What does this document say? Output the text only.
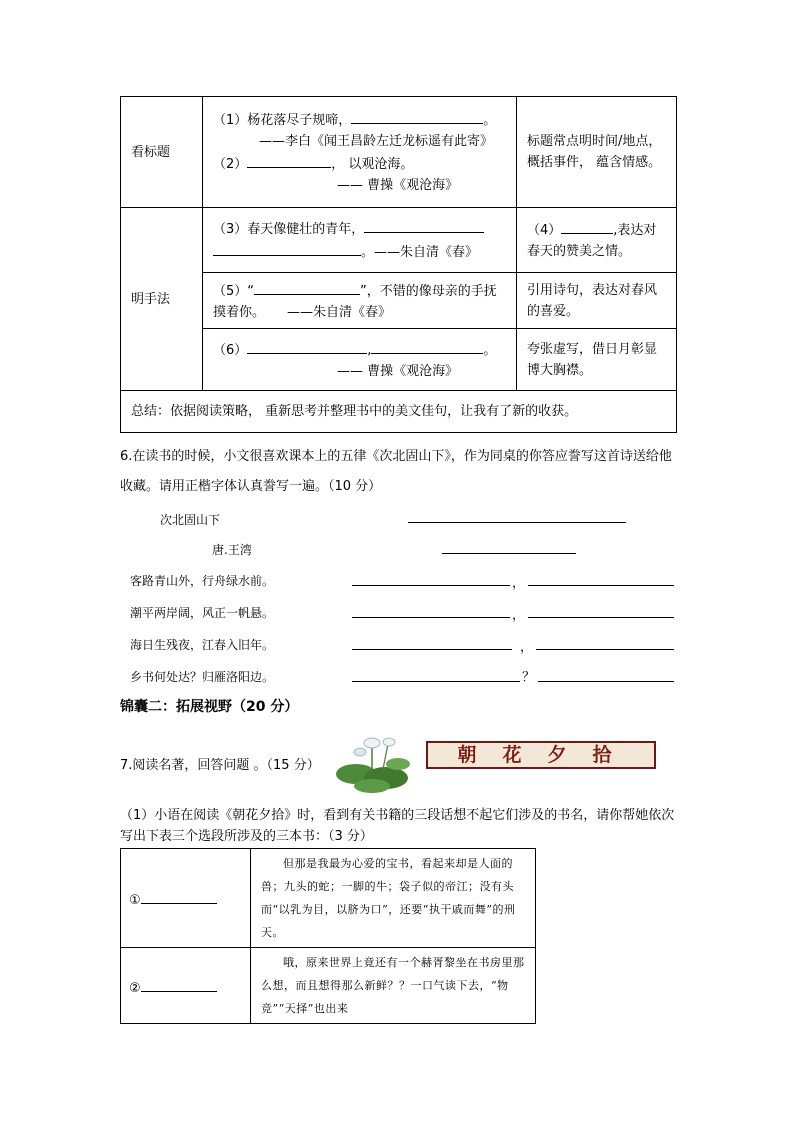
看标题	（1）杨花落尽子规啼， 。
——李白《闻王昌龄左迁龙标遥有此寄》
（2） ， 以观沧海。
—— 曹操《观沧海》	标题常点明时间/地点，概括事件， 蕴含情感。
明手法	（3）春天像健壮的青年，
。——朱自清《春》	（4） ,表达对春天的赞美之情。

	（5）“ ”，不错的像母亲的手抚摸着你。 ——朱自清《春》	引用诗句，表达对春风的喜爱。

	（6） , 。
—— 曹操《观沧海》	夸张虚写，借日月彰显博大胸襟。
总结：依据阅读策略， 重新思考并整理书中的美文佳句，让我有了新的收获。		
6.在读书的时候，小文很喜欢课本上的五律《次北固山下》，作为同桌的你答应誊写这首诗送给他收藏。请用正楷字体认真誊写一遍。（10 分）
次北固山下
唐.王湾
客路青山外，行舟绿水前。	，
潮平两岸阔，风正一帆悬。	，
海日生残夜，江春入旧年。	，
乡书何处达？归雁洛阳边。	？
锦囊二：拓展视野（20 分）
7.阅读名著，回答问题 。（15 分）	朝花夕拾
（1）小语在阅读《朝花夕拾》时，看到有关书籍的三段话想不起它们涉及的书名，请你帮她依次写出下表三个选段所涉及的三本书：（3 分）
①	但那是我最为心爱的宝书，看起来却是人面的兽；九头的蛇；一脚的牛；袋子似的帝江；没有头而“以乳为目，以脐为口”，还要“执干戚而舞”的刑天。
②	哦，原来世界上竟还有一个赫胥黎坐在书房里那么想，而且想得那么新鲜？？一口气读下去，“物竞”“天择”也出来
